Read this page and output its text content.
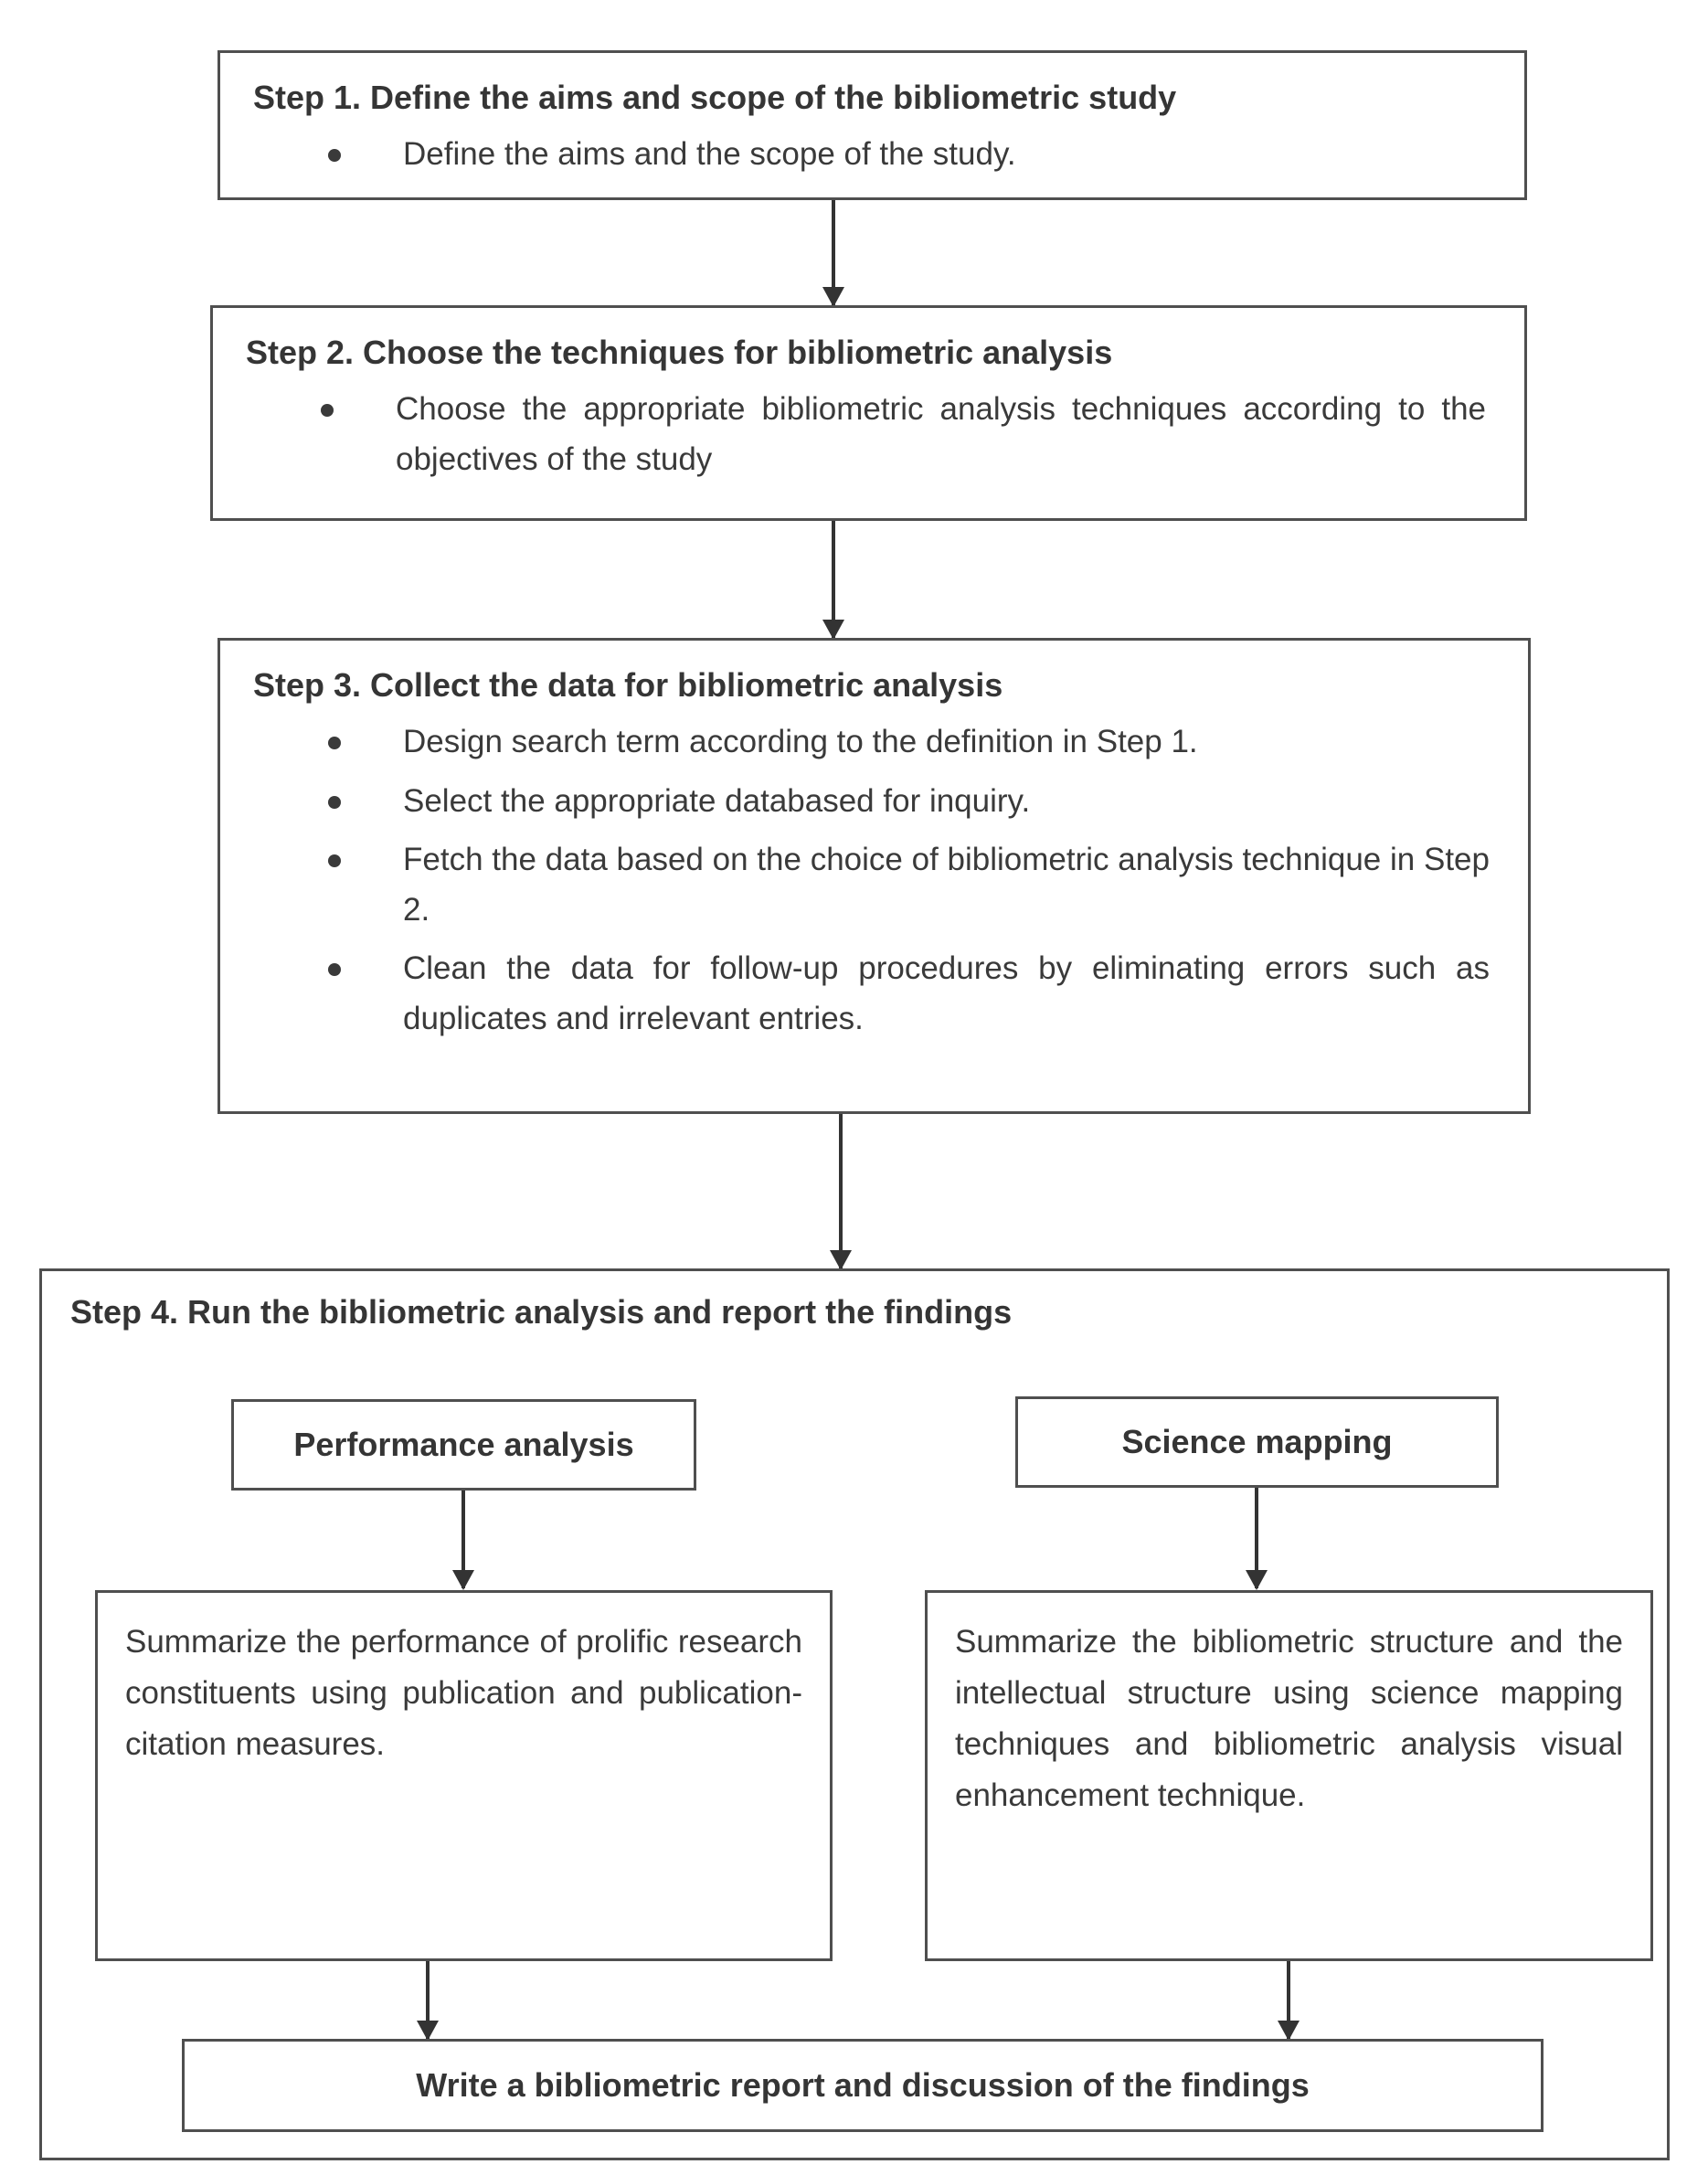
Step 1. Define the aims and scope of the bibliometric study
Define the aims and the scope of the study.
Step 2. Choose the techniques for bibliometric analysis
Choose the appropriate bibliometric analysis techniques according to the objectives of the study
Step 3. Collect the data for bibliometric analysis
Design search term according to the definition in Step 1.
Select the appropriate databased for inquiry.
Fetch the data based on the choice of bibliometric analysis technique in Step 2.
Clean the data for follow-up procedures by eliminating errors such as duplicates and irrelevant entries.
Step 4. Run the bibliometric analysis and report the findings
Performance analysis	Science mapping
Summarize the performance of prolific research constituents using publication and publication-citation measures.
Summarize the bibliometric structure and the intellectual structure using science mapping techniques and bibliometric analysis visual enhancement technique.
Write a bibliometric report and discussion of the findings
